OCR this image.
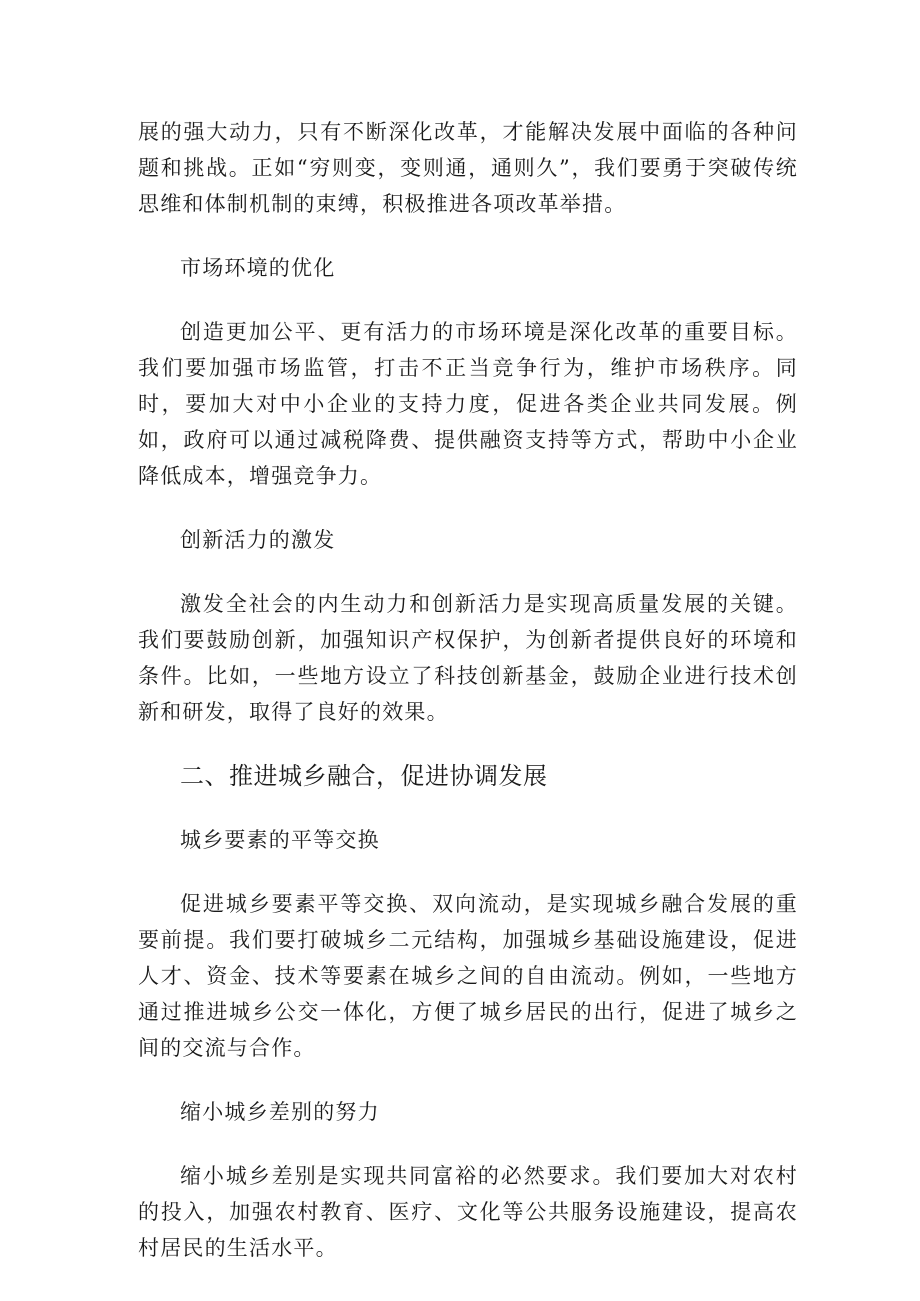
展的强大动力，只有不断深化改革，才能解决发展中面临的各种问题和挑战。正如“穷则变，变则通，通则久”，我们要勇于突破传统思维和体制机制的束缚，积极推进各项改革举措。

市场环境的优化

创造更加公平、更有活力的市场环境是深化改革的重要目标。我们要加强市场监管，打击不正当竞争行为，维护市场秩序。同时，要加大对中小企业的支持力度，促进各类企业共同发展。例如，政府可以通过减税降费、提供融资支持等方式，帮助中小企业降低成本，增强竞争力。

创新活力的激发

激发全社会的内生动力和创新活力是实现高质量发展的关键。我们要鼓励创新，加强知识产权保护，为创新者提供良好的环境和条件。比如，一些地方设立了科技创新基金，鼓励企业进行技术创新和研发，取得了良好的效果。

二、推进城乡融合，促进协调发展

城乡要素的平等交换

促进城乡要素平等交换、双向流动，是实现城乡融合发展的重要前提。我们要打破城乡二元结构，加强城乡基础设施建设，促进人才、资金、技术等要素在城乡之间的自由流动。例如，一些地方通过推进城乡公交一体化，方便了城乡居民的出行，促进了城乡之间的交流与合作。

缩小城乡差别的努力

缩小城乡差别是实现共同富裕的必然要求。我们要加大对农村的投入，加强农村教育、医疗、文化等公共服务设施建设，提高农村居民的生活水平。
